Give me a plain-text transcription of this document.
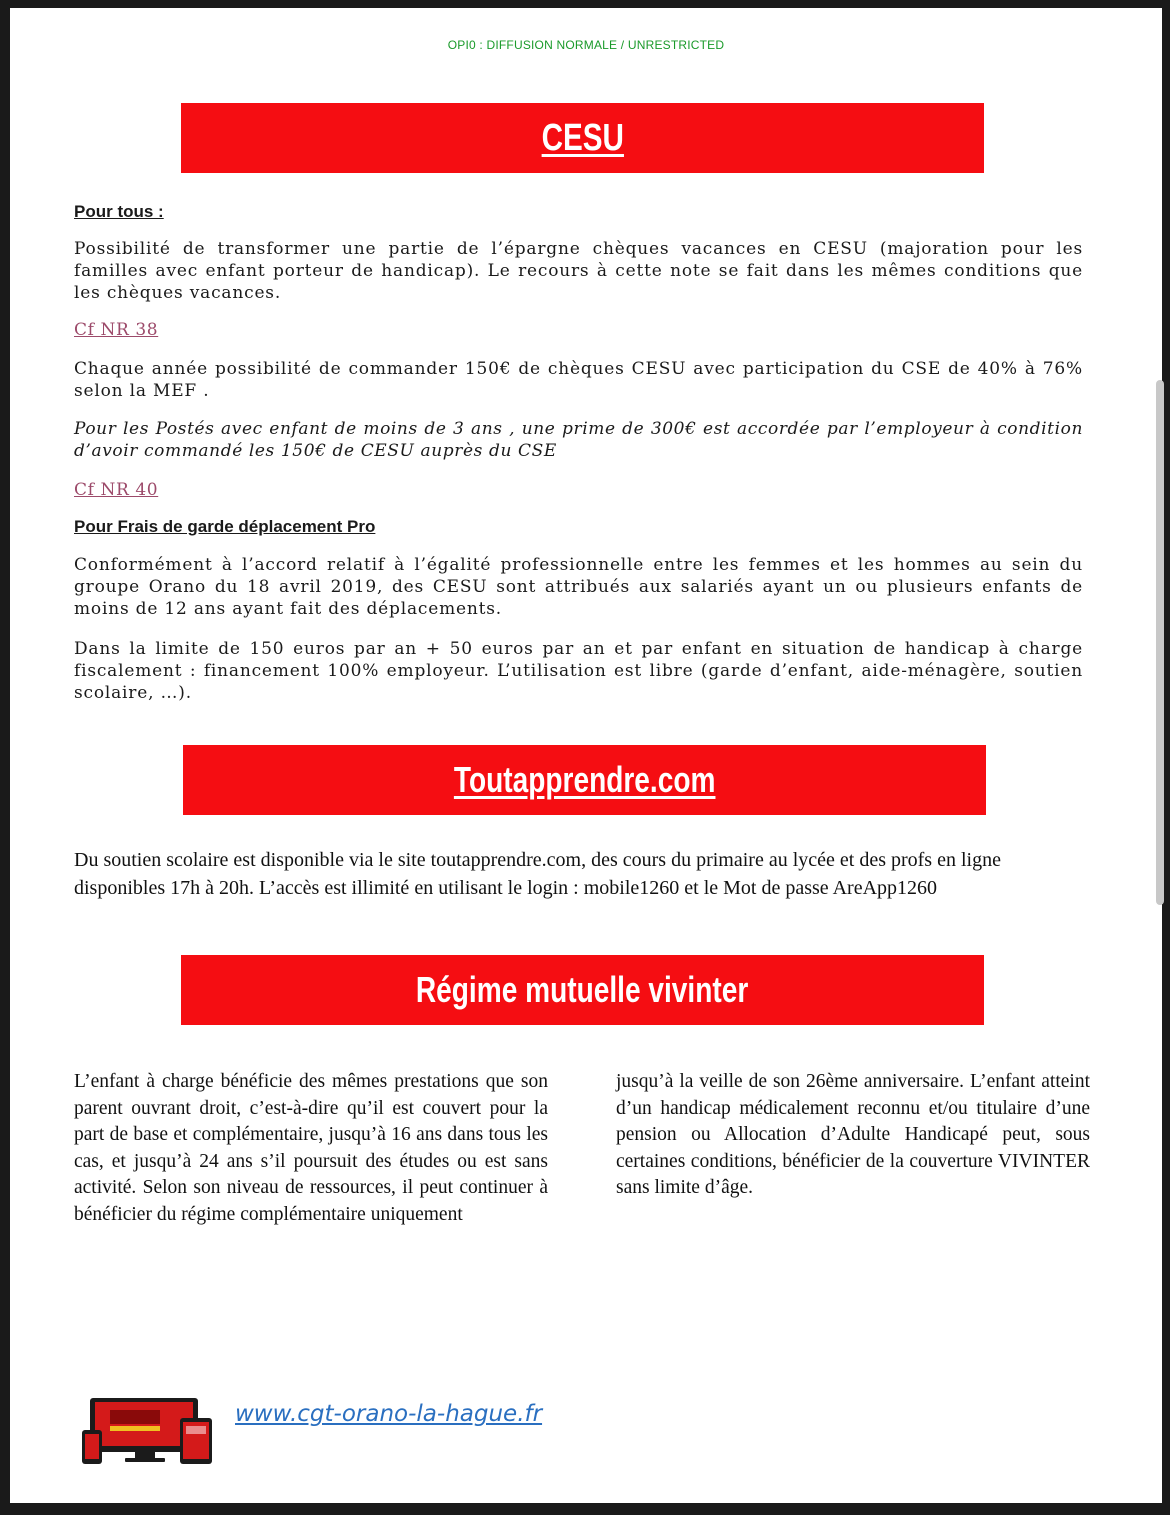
OPI0 : DIFFUSION NORMALE / UNRESTRICTED
CESU
Pour tous :
Possibilité de transformer une partie de l’épargne chèques vacances en CESU (majoration pour les familles avec enfant porteur de handicap). Le recours à cette note se fait dans les mêmes conditions que les chèques vacances.
Cf NR 38
Chaque année possibilité de commander 150€ de chèques CESU avec participation du CSE de 40% à 76% selon la MEF .
Pour les Postés avec enfant de moins de 3 ans , une prime de 300€ est accordée par l’employeur à condition d’avoir commandé les 150€ de CESU auprès du CSE
Cf NR 40
Pour Frais de garde déplacement Pro
Conformément à l’accord relatif à l’égalité professionnelle entre les femmes et les hommes au sein du groupe Orano du 18 avril 2019, des CESU sont attribués aux salariés ayant un ou plusieurs enfants de moins de 12 ans ayant fait des déplacements.
Dans la limite de 150 euros par an + 50 euros par an et par enfant en situation de handicap à charge fiscalement : financement 100% employeur. L’utilisation est libre (garde d’enfant, aide-ménagère, soutien scolaire, …).
Toutapprendre.com
Du soutien scolaire est disponible via le site toutapprendre.com, des cours du primaire au lycée et des profs en ligne disponibles 17h à 20h. L’accès est illimité en utilisant le login : mobile1260 et le Mot de passe AreApp1260
Régime mutuelle vivinter
L’enfant à charge bénéficie des mêmes prestations que son parent ouvrant droit, c’est-à-dire qu’il est couvert pour la part de base et complémentaire, jusqu’à 16 ans dans tous les cas, et jusqu’à 24 ans s’il poursuit des études ou est sans activité. Selon son niveau de ressources, il peut continuer à bénéficier du régime complémentaire uniquement
jusqu’à la veille de son 26ème anniversaire. L’enfant atteint d’un handicap médicalement reconnu et/ou titulaire d’une pension ou Allocation d’Adulte Handicapé peut, sous certaines conditions, bénéficier de la couverture VIVINTER sans limite d’âge.
www.cgt-orano-la-hague.fr
